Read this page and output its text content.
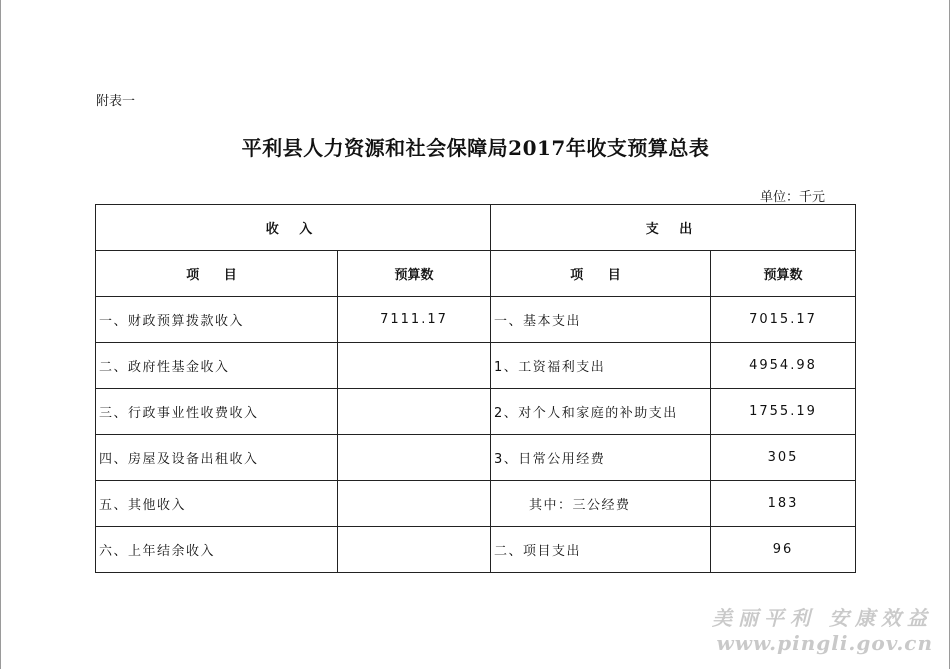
附表一
平利县人力资源和社会保障局2017年收支预算总表
单位：千元
收 入		支 出	
项 目	预算数	项 目	预算数
一、财政预算拨款收入	7111.17	一、基本支出	7015.17
二、政府性基金收入		1、工资福利支出	4954.98
三、行政事业性收费收入		2、对个人和家庭的补助支出	1755.19
四、房屋及设备出租收入		3、日常公用经费	305
五、其他收入		其中：三公经费	183
六、上年结余收入		二、项目支出	96
美丽平利 安康效益
www.pingli.gov.cn
